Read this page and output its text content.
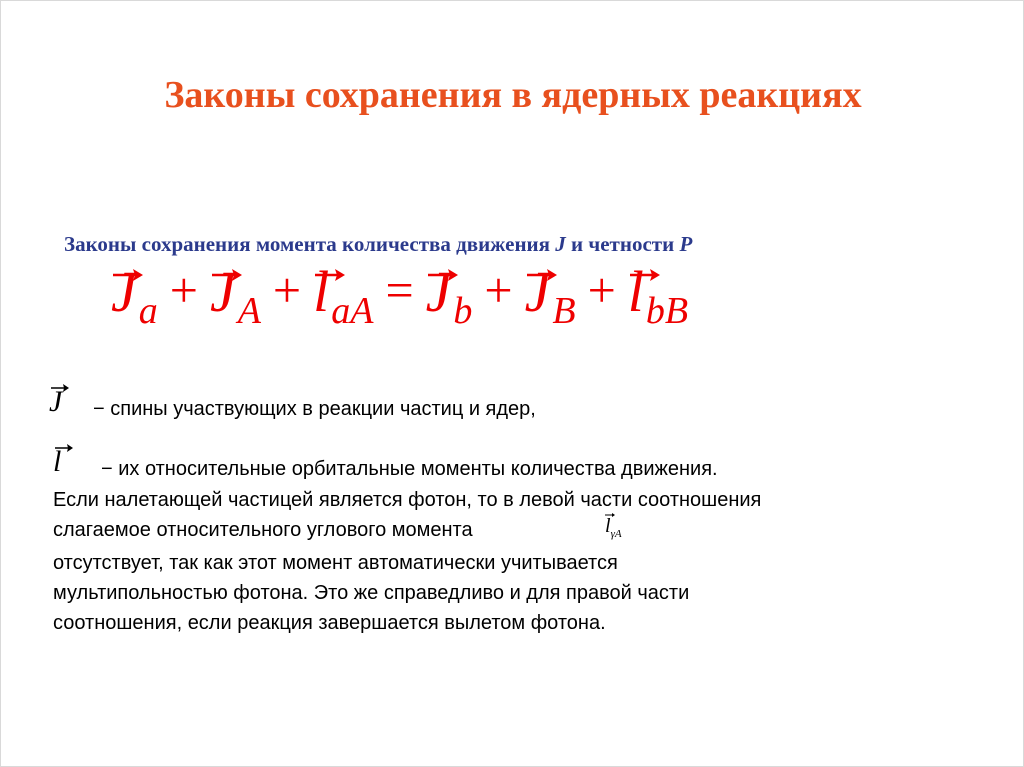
Законы сохранения в ядерных реакциях
Законы сохранения момента количества движения J и четности P
$J_a + J_A + l_{aA} = J_b + J_B + l_{bB}$
J − спины участвующих в реакции частиц и ядер,
l − их относительные орбитальные моменты количества движения.
Если налетающей частицей является фотон, то в левой части соотношения
слагаемое относительного углового момента	$l_{\gamma A}$
отсутствует, так как этот момент автоматически учитывается
мультипольностью фотона. Это же справедливо и для правой части
соотношения, если реакция завершается вылетом фотона.
